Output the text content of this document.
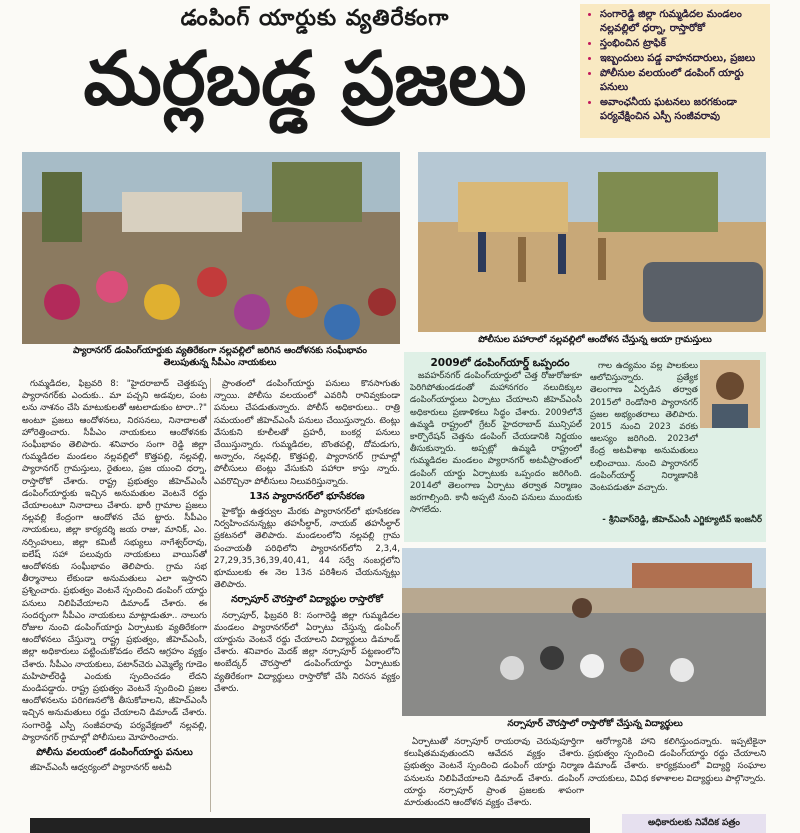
డంపింగ్ యార్డుకు వ్యతిరేకంగా
మర్లబడ్డ ప్రజలు
• సంగారెడ్డి జిల్లా గుమ్మడిదల మండలం నల్లవల్లిలో ధర్నా, రాస్తారోకో
• స్తంభించిన ట్రాఫిక్
• ఇబ్బందులు పడ్డ వాహనదారులు, ప్రజలు
• పోలీసుల వలయంలో డంపింగ్ యార్డు పనులు
• అవాంఛనీయ ఘటనలు జరగకుండా పర్యవేక్షించిన ఎస్పీ సంజీవరావు
ప్యారానగర్ డంపింగ్‌యార్డుకు వ్యతిరేకంగా నల్లవల్లిలో జరిగిన ఆందోళనకు సంఘీభావం తెలుపుతున్న సీపీఎం నాయకులు
పోలీసుల పహారాలో నల్లవల్లిలో ఆందోళన చేస్తున్న ఆయా గ్రామస్తులు

గుమ్మడిదల, ఫిబ్రవరి 8: "హైదరాబాద్ చెత్తకుప్ప ప్యారానగర్‌కు ఎందుకు.. మా పచ్చని అడవుల, పంట లను నాశనం చేసి మాటుకులతో ఆటలాడుకుం టారా..?" అంటూ ప్రజలు ఆందోళనలు, నిరసనలు, నినాదాలతో హోరెత్తించారు. సీపీఎం నాయకులు ఆందోళనకు సంఘీభావం తెలిపారు. శనివారం సంగా రెడ్డి జిల్లా గుమ్మడిదల మండలం నల్లవల్లిలో కొత్తపల్లి, నల్లవల్లి, ప్యారానగర్ గ్రామస్తులు, రైతులు, ప్రజ యుంచి ధర్నా, రాస్తారోకో చేశారు. రాష్ట్ర ప్రభుత్వం జీహెచ్ఎంసీ డంపింగ్‌యార్డుకు ఇచ్చిన అనుమతుల వెంటనే రద్దు చేయాలంటూ నినాదాలు చేశారు. భారీ గ్రామాల ప్రజలు నల్లవల్లి కేంద్రంగా ఆందోళన చేప ట్టారు. సీపీఎం నాయకులు, జిల్లా కార్యదర్శి జయ రాజు, మానిక్, ఎం. నర్సింహులు, జిల్లా కమిటీ సభ్యులు నాగేశ్వర్‌రావు, ఐలేష్ సహా పలువురు నాయకులు వాయిస్‌తో ఆందోళనకు సంఘీభావం తెలిపారు. గ్రామ సభ తీర్మానాలు లేకుండా అనుమతులు ఎలా ఇస్తారని ప్రశ్నించారు. ప్రభుత్వం వెంటనే స్పందించి డంపింగ్ యార్డు పనులు నిలిపివేయాలని డిమాండ్ చేశారు. ఈ సందర్భంగా సీపీఎం నాయకులు మాట్లాడుతూ.. నాలుగు రోజుల నుంచి డంపింగ్‌యార్డు ఏర్పాటుకు వ్యతిరేకంగా ఆందోళనలు చేస్తున్నా రాష్ట్ర ప్రభుత్వం, జీహెచ్ఎంసీ, జిల్లా అధికారులు పట్టించుకోవడం లేదని ఆగ్రహం వ్యక్తం చేశారు. సీపీఎం నాయకులు, పటాన్‌చెరు ఎమ్మెల్యే గూడెం మహిపాల్‌రెడ్డి ఎందుకు స్పందించడం లేదని మండిపడ్డారు. రాష్ట్ర ప్రభుత్వం వెంటనే స్పందించి ప్రజల ఆందోళనలను పరిగణనలోకి తీసుకోవాలని, జీహెచ్ఎంసీ ఇచ్చిన అనుమతులు రద్దు చేయాలని డిమాండ్ చేశారు. సంగారెడ్డి ఎస్పీ సంజీవరావు పర్యవేక్షణలో నల్లవల్లి, ప్యారానగర్ గ్రామాల్లో పోలీసులు మోహరించారు.

పోలీసు వలయంలో డంపింగ్‌యార్డు పనులు

జీహెచ్ఎంసీ ఆధ్వర్యంలో ప్యారానగర్ అటవీ

ప్రాంతంలో డంపింగ్‌యార్డు పనులు కొనసాగుతు న్నాయి. పోలీసు వలయంలో ఎవరినీ రానివ్వకుండా పనులు చేపడుతున్నారు. పోలీస్ అధికారులు.. రాత్రి సమయంలో జీహెచ్ఎంసీ పనులు చేయిస్తున్నారు. టెంట్లు వేసుకుని కూలీలతో ప్రహరీ, బంకర్ల పనులు చేయిస్తున్నారు. గుమ్మడిదల, బొంతపల్లి, దోమడుగు, అన్నారం, నల్లవల్లి, కొత్తపల్లి, ప్యారానగర్ గ్రామాల్లో పోలీసులు టెంట్లు వేసుకుని పహారా కాస్తు న్నారు. ఎవరొచ్చినా పోలీసులు నిలువరిస్తున్నారు.

13న ప్యారానగర్‌లో భూసేకరణ

హైకోర్టు ఉత్తర్వుల మేరకు ప్యారానగర్‌లో భూసేకరణ నిర్వహించనున్నట్లు తహసీల్దార్, నాయబ్ తహసీల్దార్ ప్రకటనలో తెలిపారు. మండలంలోని నల్లవల్లి గ్రామ పంచాయతీ పరిధిలోని ప్యారానగర్‌లోని 2,3,4, 27,29,35,36,39,40,41, 44 సర్వే నంబర్లలోని భూములకు ఈ నెల 13న పరిశీలన చేయనున్నట్లు తెలిపారు.

నర్సాపూర్ చౌరస్తాలో విద్యార్థుల రాస్తారోకో

నర్సాపూర్, ఫిబ్రవరి 8: సంగారెడ్డి జిల్లా గుమ్మడిదల మండలం ప్యారానగర్‌లో ఏర్పాటు చేస్తున్న డంపింగ్ యార్డును వెంటనే రద్దు చేయాలని విద్యార్థులు డిమాండ్ చేశారు. శనివారం మెదక్ జిల్లా నర్సాపూర్ పట్టణంలోని అంబేద్కర్ చౌరస్తాలో డంపింగ్‌యార్డు ఏర్పాటుకు వ్యతిరేకంగా విద్యార్థులు రాస్తారోకో చేసి నిరసన వ్యక్తం చేశారు.

2009లో డంపింగ్‌యార్డ్ ఒప్పందం

జవహర్‌నగర్ డంపింగ్‌యార్డులో చెత్త రోజురోజుకూ పెరిగిపోతుండడంతో మహానగరం నలుదిక్కుల డంపింగ్‌యార్డులు ఏర్పాటు చేయాలని జీహెచ్ఎంసీ అధికారులు ప్రణాళికలు సిద్ధం చేశారు. 2009లోనే ఉమ్మడి రాష్ట్రంలో గ్రేటర్ హైదరాబాద్ మున్సిపల్ కార్పొరేషన్ చెత్తను డంపింగ్ చేయడానికి నిర్ణయం తీసుకున్నారు. అప్పట్లో ఉమ్మడి రాష్ట్రంలో గుమ్మడిదల మండలం ప్యారానగర్ అటవీప్రాంతంలో డంపింగ్ యార్డు ఏర్పాటుకు ఒప్పందం జరిగింది. 2014లో తెలంగాణ ఏర్పాటు తర్వాత నిర్మాణం జరగాల్సింది. కానీ అప్పటి నుంచి పనులు ముందుకు సాగలేదు.

గాల ఉద్యమం వల్ల పాలకులు ఆలోచిస్తున్నారు. ప్రత్యేక తెలంగాణ ఏర్పడిన తర్వాత 2015లో రెండోసారి ప్యారానగర్ ప్రజల అభ్యంతరాలు తెలిపారు. 2015 నుంచి 2023 వరకు ఆలస్యం జరిగింది. 2023లో కేంద్ర అటవీశాఖ అనుమతులు లభించాయి. నుంచి ప్యారానగర్ డంపింగ్‌యార్డ్ నిర్మాణానికి వెంటపడుతూ వచ్చారు.

- శ్రీనివాస్‌రెడ్డి, జీహెచ్ఎంసీ ఎగ్జిక్యూటివ్ ఇంజనీర్
నర్సాపూర్ చౌరస్తాలో రాస్తారోకో చేస్తున్న విద్యార్థులు

ఏర్పాటుతో నర్సాపూర్ రాయరావు చెరువుపూర్తిగా కలుషితమవుతుందని ఆవేదన వ్యక్తం చేశారు. ప్రభుత్వం వెంటనే స్పందించి డంపింగ్ యార్డు నిర్మాణ పనులను నిలిపివేయాలని డిమాండ్ చేశారు. డంపింగ్ యార్డు నర్సాపూర్ ప్రాంత ప్రజలకు శాపంగా మారుతుందని ఆందోళన వ్యక్తం చేశారు.

ఆరోగ్యానికి హాని కలిగిస్తుందన్నారు. ఇప్పటికైనా ప్రభుత్వం స్పందించి డంపింగ్‌యార్డు రద్దు చేయాలని డిమాండ్ చేశారు. కార్యక్రమంలో విద్యార్థి సంఘాల నాయకులు, వివిధ కళాశాలల విద్యార్థులు పాల్గొన్నారు.

అధికారులకు నివేదిక పత్రం
